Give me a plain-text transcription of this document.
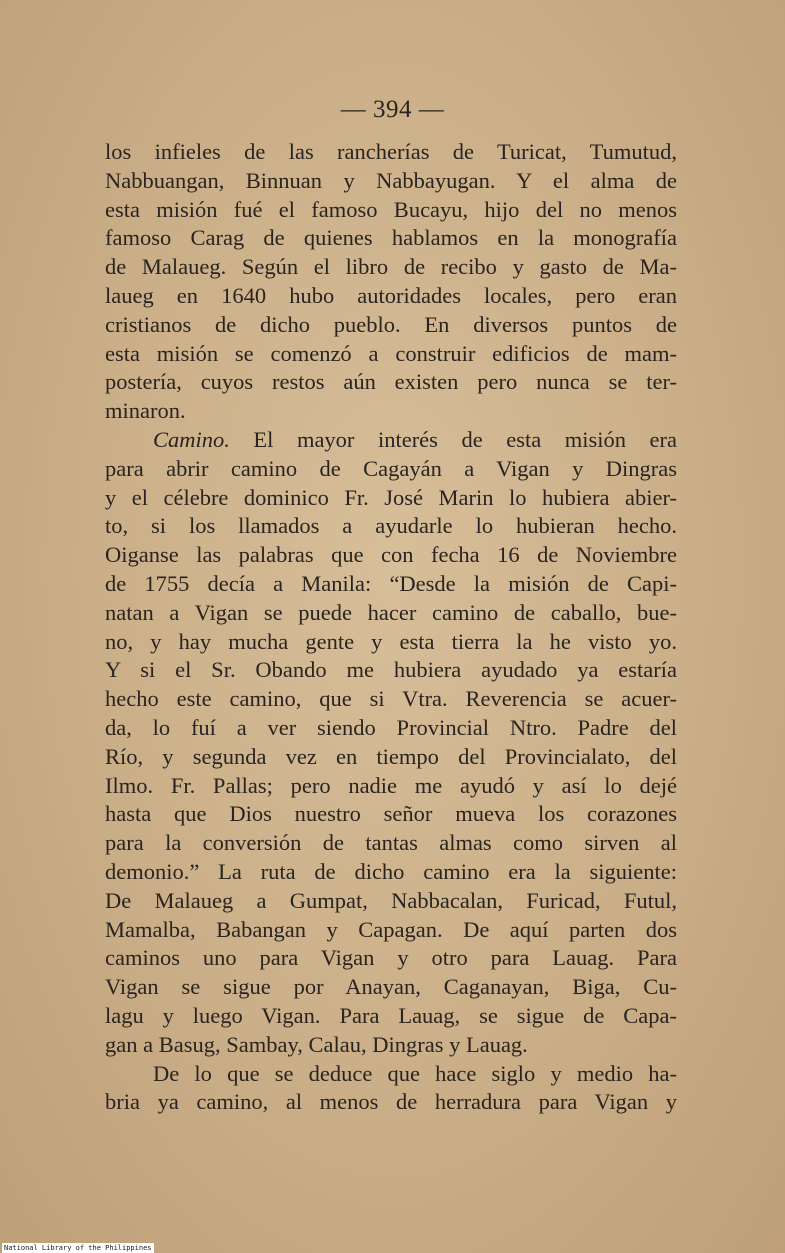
— 394 —
los infieles de las rancherías de Turicat, Tumutud,
Nabbuangan, Binnuan y Nabbayugan. Y el alma de
esta misión fué el famoso Bucayu, hijo del no menos
famoso Carag de quienes hablamos en la monografía
de Malaueg. Según el libro de recibo y gasto de Ma-
laueg en 1640 hubo autoridades locales, pero eran
cristianos de dicho pueblo. En diversos puntos de
esta misión se comenzó a construir edificios de mam-
postería, cuyos restos aún existen pero nunca se ter-
minaron.
Camino. El mayor interés de esta misión era
para abrir camino de Cagayán a Vigan y Dingras
y el célebre dominico Fr. José Marin lo hubiera abier-
to, si los llamados a ayudarle lo hubieran hecho.
Oiganse las palabras que con fecha 16 de Noviembre
de 1755 decía a Manila: “Desde la misión de Capi-
natan a Vigan se puede hacer camino de caballo, bue-
no, y hay mucha gente y esta tierra la he visto yo.
Y si el Sr. Obando me hubiera ayudado ya estaría
hecho este camino, que si Vtra. Reverencia se acuer-
da, lo fuí a ver siendo Provincial Ntro. Padre del
Río, y segunda vez en tiempo del Provincialato, del
Ilmo. Fr. Pallas; pero nadie me ayudó y así lo dejé
hasta que Dios nuestro señor mueva los corazones
para la conversión de tantas almas como sirven al
demonio.” La ruta de dicho camino era la siguiente:
De Malaueg a Gumpat, Nabbacalan, Furicad, Futul,
Mamalba, Babangan y Capagan. De aquí parten dos
caminos uno para Vigan y otro para Lauag. Para
Vigan se sigue por Anayan, Caganayan, Biga, Cu-
lagu y luego Vigan. Para Lauag, se sigue de Capa-
gan a Basug, Sambay, Calau, Dingras y Lauag.
De lo que se deduce que hace siglo y medio ha-
bria ya camino, al menos de herradura para Vigan y
National Library of the Philippines
